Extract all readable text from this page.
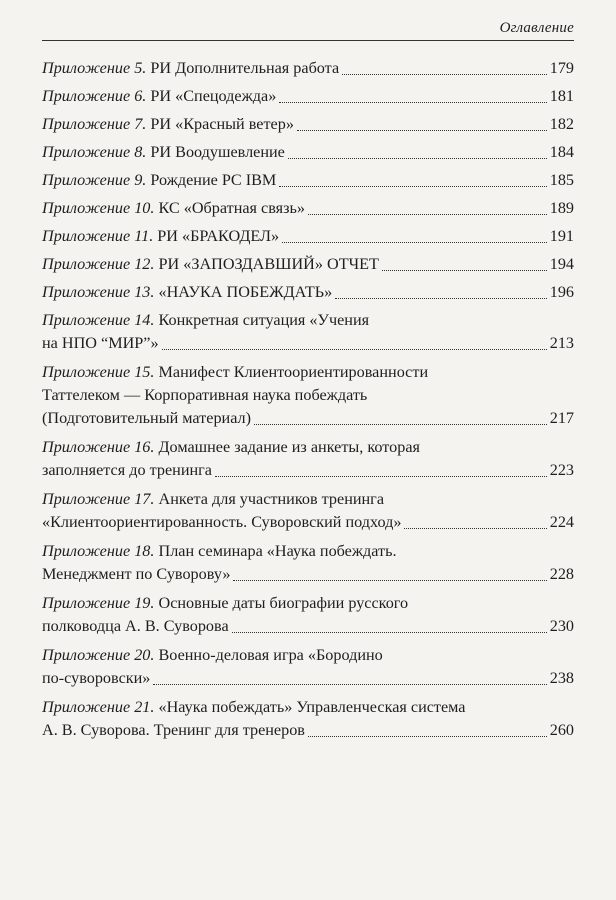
Оглавление
Приложение 5.
РИ Дополнительная работа	179
Приложение 6.
РИ «Спецодежда»	181
Приложение 7.
РИ «Красный ветер»	182
Приложение 8.
РИ Воодушевление	184
Приложение 9.
Рождение PC IBM	185
Приложение 10.
КС «Обратная связь»	189
Приложение 11.
РИ «БРАКОДЕЛ»	191
Приложение 12.
РИ «ЗАПОЗДАВШИЙ» ОТЧЕТ	194
Приложение 13.
«НАУКА ПОБЕЖДАТЬ»	196
Приложение 14.
Конкретная ситуация «Учения
на НПО “МИР”»	213
Приложение 15.
Манифест Клиентоориентированности
Таттелеком — Корпоративная наука побеждать
(Подготовительный материал)	217
Приложение 16.
Домашнее задание из анкеты, которая
заполняется до тренинга	223
Приложение 17.
Анкета для участников тренинга
«Клиентоориентированность. Суворовский подход»	224
Приложение 18.
План семинара «Наука побеждать.
Менеджмент по Суворову»	228
Приложение 19.
Основные даты биографии русского
полководца А. В. Суворова	230
Приложение 20.
Военно-деловая игра «Бородино
по-суворовски»	238
Приложение 21.
«Наука побеждать» Управленческая система
А. В. Суворова. Тренинг для тренеров	260
